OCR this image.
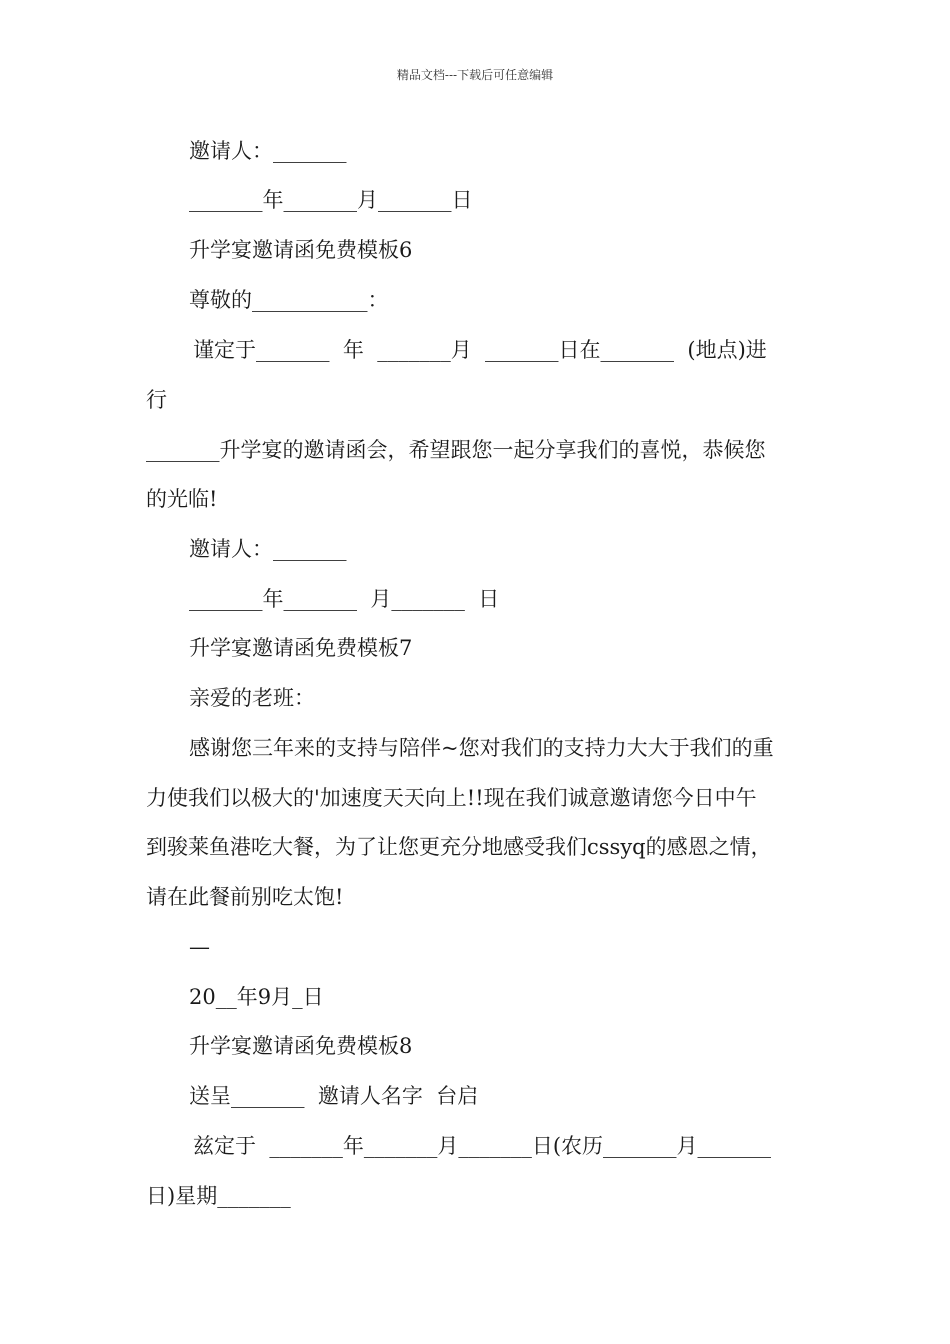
精品文档---下载后可任意编辑
邀请人：_______
_______年_______月_______日
升学宴邀请函免费模板6
尊敬的___________：
谨定于_______  年  _______月  _______日在_______  (地点)进
行
_______升学宴的邀请函会，希望跟您一起分享我们的喜悦，恭候您
的光临!
邀请人：_______
_______年_______  月_______  日
升学宴邀请函免费模板7
亲爱的老班：
感谢您三年来的支持与陪伴~您对我们的支持力大大于我们的重
力使我们以极大的'加速度天天向上!!现在我们诚意邀请您今日中午
到骏莱鱼港吃大餐，为了让您更充分地感受我们cssyq的感恩之情，
请在此餐前别吃太饱!
—
20__年9月_日
升学宴邀请函免费模板8
送呈_______  邀请人名字  台启
兹定于  _______年_______月_______日(农历_______月_______
日)星期_______
